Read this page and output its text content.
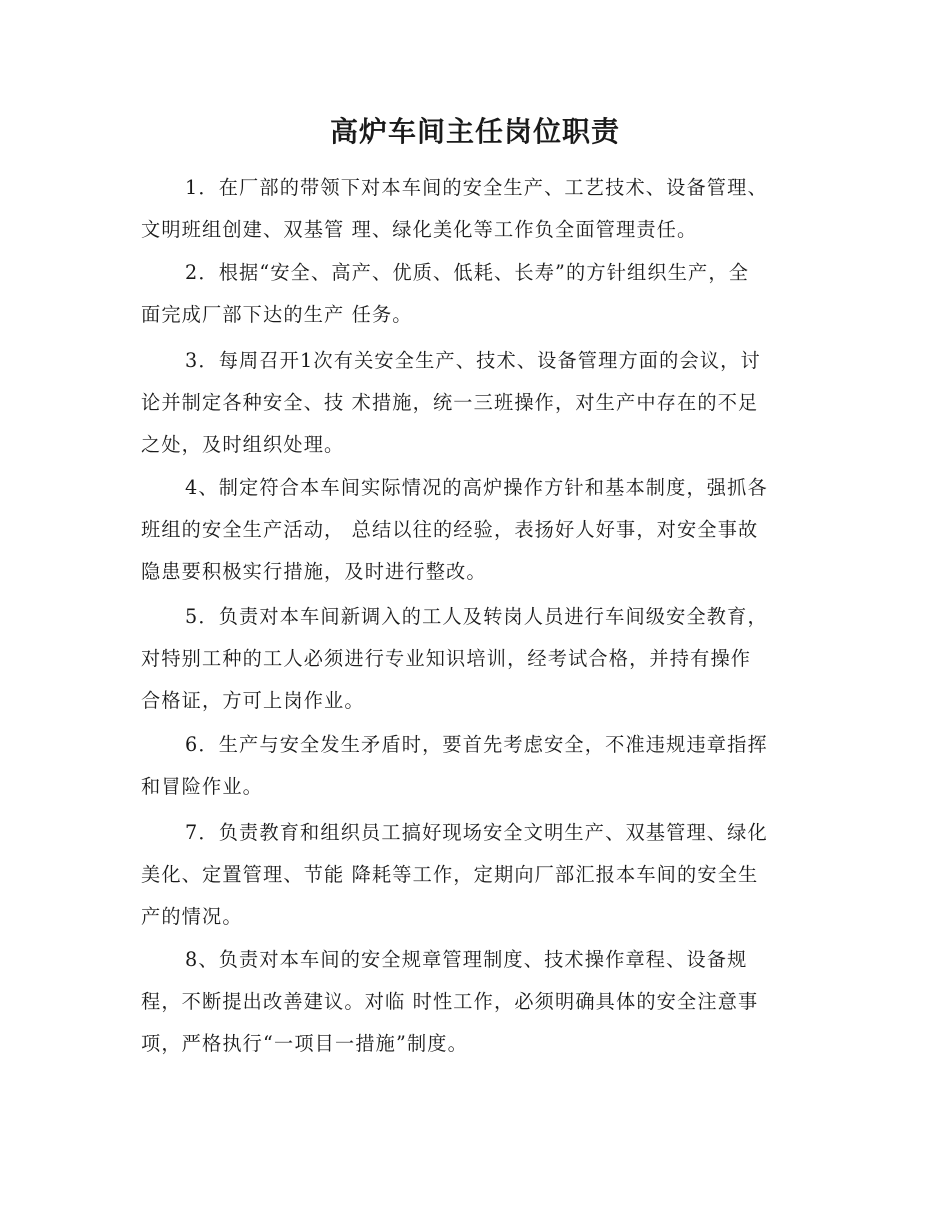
高炉车间主任岗位职责

1．在厂部的带领下对本车间的安全生产、工艺技术、设备管理、
文明班组创建、双基管 理、绿化美化等工作负全面管理责任。

2．根据“安全、高产、优质、低耗、长寿”的方针组织生产，全
面完成厂部下达的生产 任务。

3．每周召开1次有关安全生产、技术、设备管理方面的会议，讨
论并制定各种安全、技 术措施，统一三班操作，对生产中存在的不足
之处，及时组织处理。

4、制定符合本车间实际情况的高炉操作方针和基本制度，强抓各
班组的安全生产活动， 总结以往的经验，表扬好人好事，对安全事故
隐患要积极实行措施，及时进行整改。

5．负责对本车间新调入的工人及转岗人员进行车间级安全教育，
对特别工种的工人必须进行专业知识培训，经考试合格，并持有操作
合格证，方可上岗作业。

6．生产与安全发生矛盾时，要首先考虑安全，不准违规违章指挥
和冒险作业。

7．负责教育和组织员工搞好现场安全文明生产、双基管理、绿化
美化、定置管理、节能 降耗等工作，定期向厂部汇报本车间的安全生
产的情况。

8、负责对本车间的安全规章管理制度、技术操作章程、设备规
程，不断提出改善建议。对临 时性工作，必须明确具体的安全注意事
项，严格执行“一项目一措施”制度。
